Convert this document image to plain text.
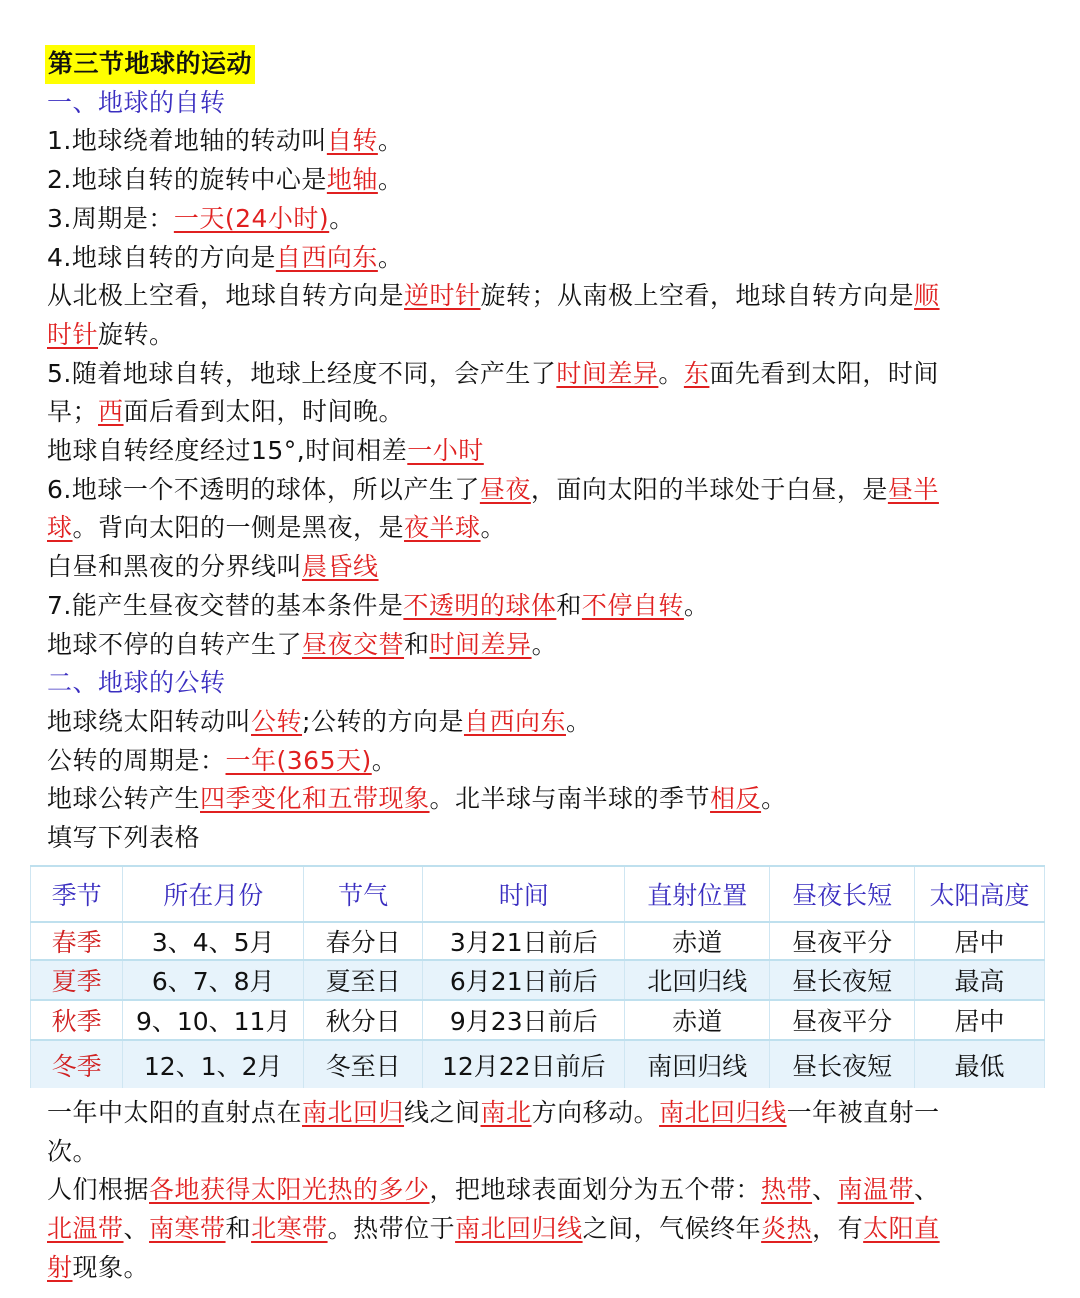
第三节地球的运动
一、地球的自转
1.地球绕着地轴的转动叫自转。
2.地球自转的旋转中心是地轴。
3.周期是：一天(24小时)。
4.地球自转的方向是自西向东。
从北极上空看，地球自转方向是逆时针旋转；从南极上空看，地球自转方向是顺
时针旋转。
5.随着地球自转，地球上经度不同，会产生了时间差异。东面先看到太阳，时间
早；西面后看到太阳，时间晚。
地球自转经度经过15°,时间相差一小时
6.地球一个不透明的球体，所以产生了昼夜，面向太阳的半球处于白昼，是昼半
球。背向太阳的一侧是黑夜，是夜半球。
白昼和黑夜的分界线叫晨昏线
7.能产生昼夜交替的基本条件是不透明的球体和不停自转。
地球不停的自转产生了昼夜交替和时间差异。
二、地球的公转
地球绕太阳转动叫公转;公转的方向是自西向东。
公转的周期是：一年(365天)。
地球公转产生四季变化和五带现象。北半球与南半球的季节相反。
填写下列表格
季节	所在月份	节气	时间	直射位置	昼夜长短	太阳高度
春季	3、4、5月	春分日	3月21日前后	赤道	昼夜平分	居中
夏季	6、7、8月	夏至日	6月21日前后	北回归线	昼长夜短	最高
秋季	9、10、11月	秋分日	9月23日前后	赤道	昼夜平分	居中
冬季	12、1、2月	冬至日	12月22日前后	南回归线	昼长夜短	最低
一年中太阳的直射点在南北回归线之间南北方向移动。南北回归线一年被直射一
次。
人们根据各地获得太阳光热的多少，把地球表面划分为五个带：热带、南温带、
北温带、南寒带和北寒带。热带位于南北回归线之间，气候终年炎热，有太阳直
射现象。
